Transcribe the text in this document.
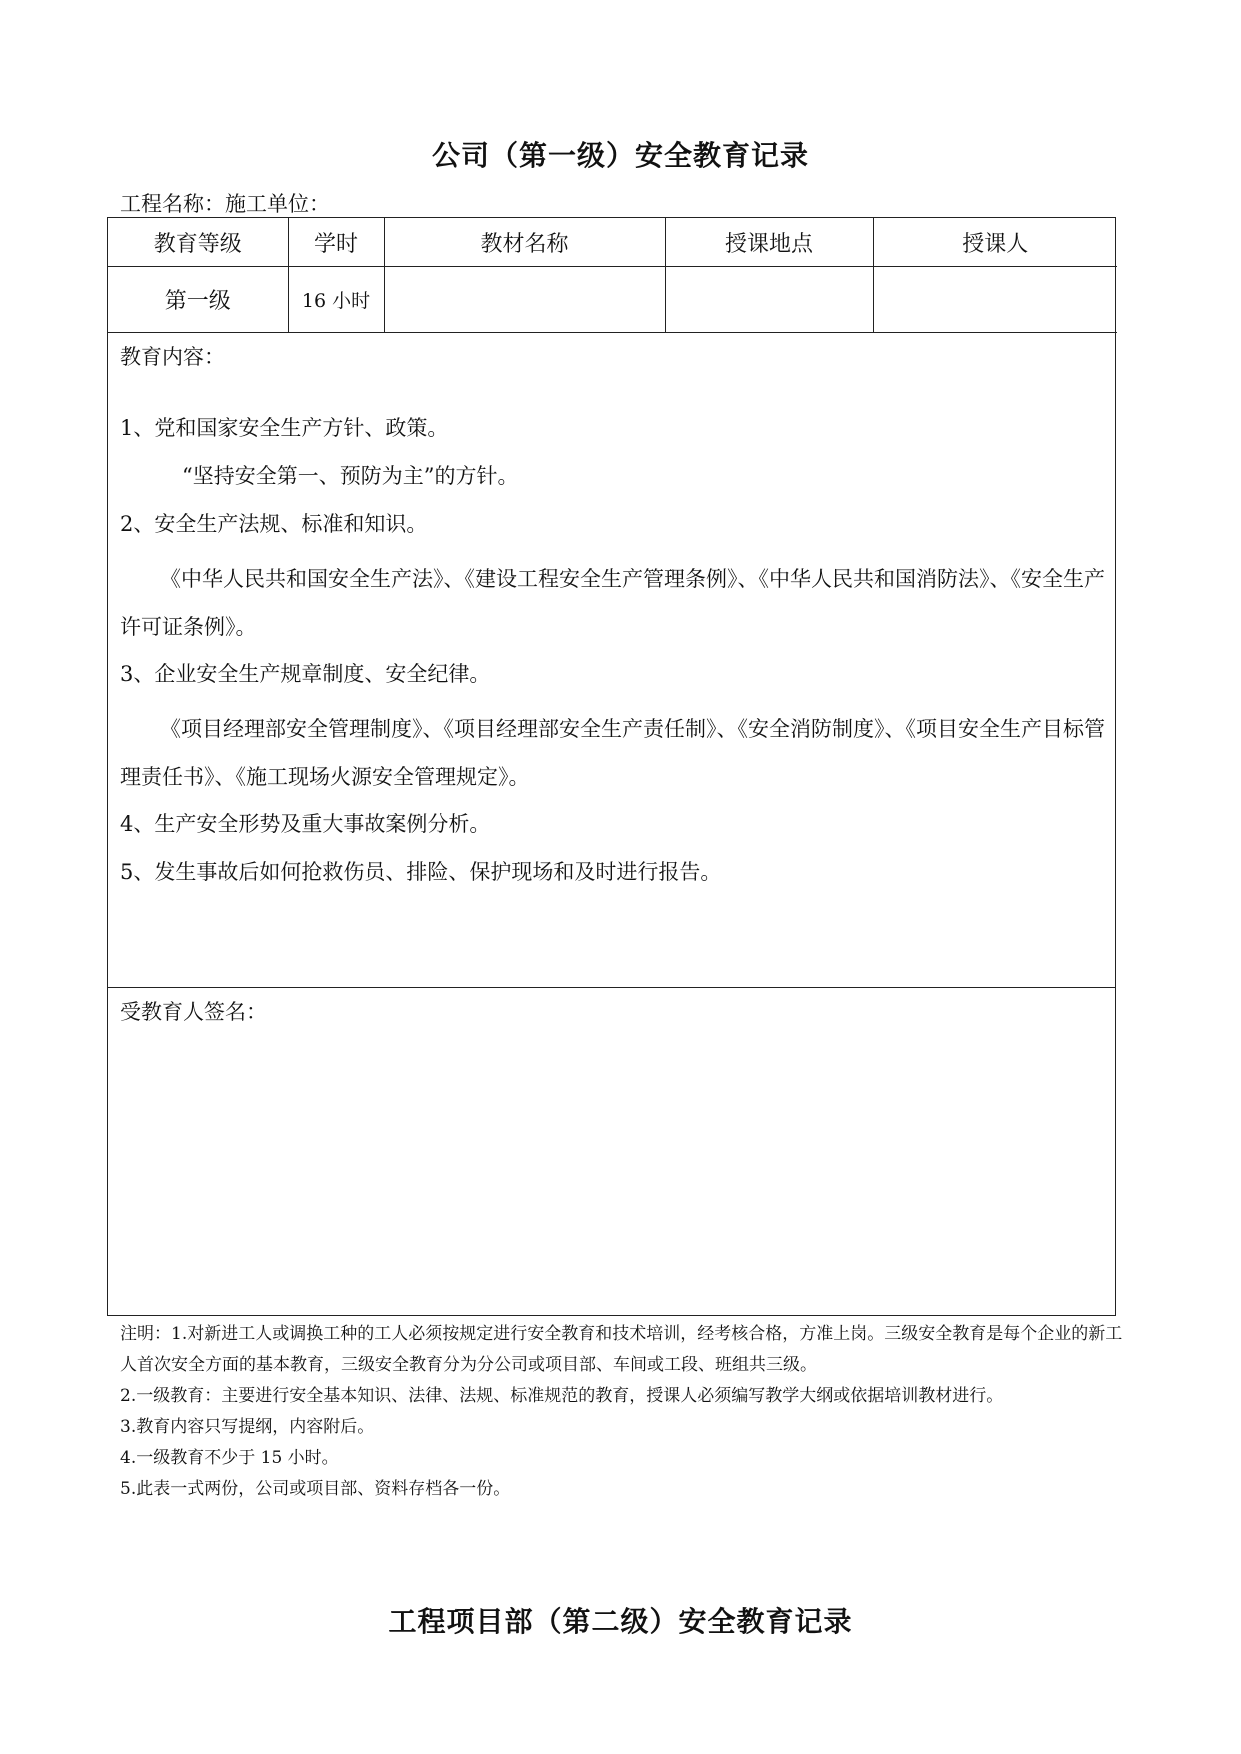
公司（第一级）安全教育记录
工程名称：施工单位：
教育等级	学时	教材名称	授课地点	授课人
第一级	16 小时			
教育内容：

1、党和国家安全生产方针、政策。

“坚持安全第一、预防为主”的方针。

2、安全生产法规、标准和知识。

《中华人民共和国安全生产法》、《建设工程安全生产管理条例》、《中华人民共和国消防法》、《安全生产许可证条例》。

3、企业安全生产规章制度、安全纪律。

《项目经理部安全管理制度》、《项目经理部安全生产责任制》、《安全消防制度》、《项目安全生产目标管理责任书》、《施工现场火源安全管理规定》。

4、生产安全形势及重大事故案例分析。

5、发生事故后如何抢救伤员、排险、保护现场和及时进行报告。

受教育人签名：

注明：1.对新进工人或调换工种的工人必须按规定进行安全教育和技术培训，经考核合格，方准上岗。三级安全教育是每个企业的新工人首次安全方面的基本教育，三级安全教育分为分公司或项目部、车间或工段、班组共三级。

2.一级教育：主要进行安全基本知识、法律、法规、标准规范的教育，授课人必须编写教学大纲或依据培训教材进行。

3.教育内容只写提纲，内容附后。

4.一级教育不少于 15 小时。

5.此表一式两份，公司或项目部、资料存档各一份。

工程项目部（第二级）安全教育记录
